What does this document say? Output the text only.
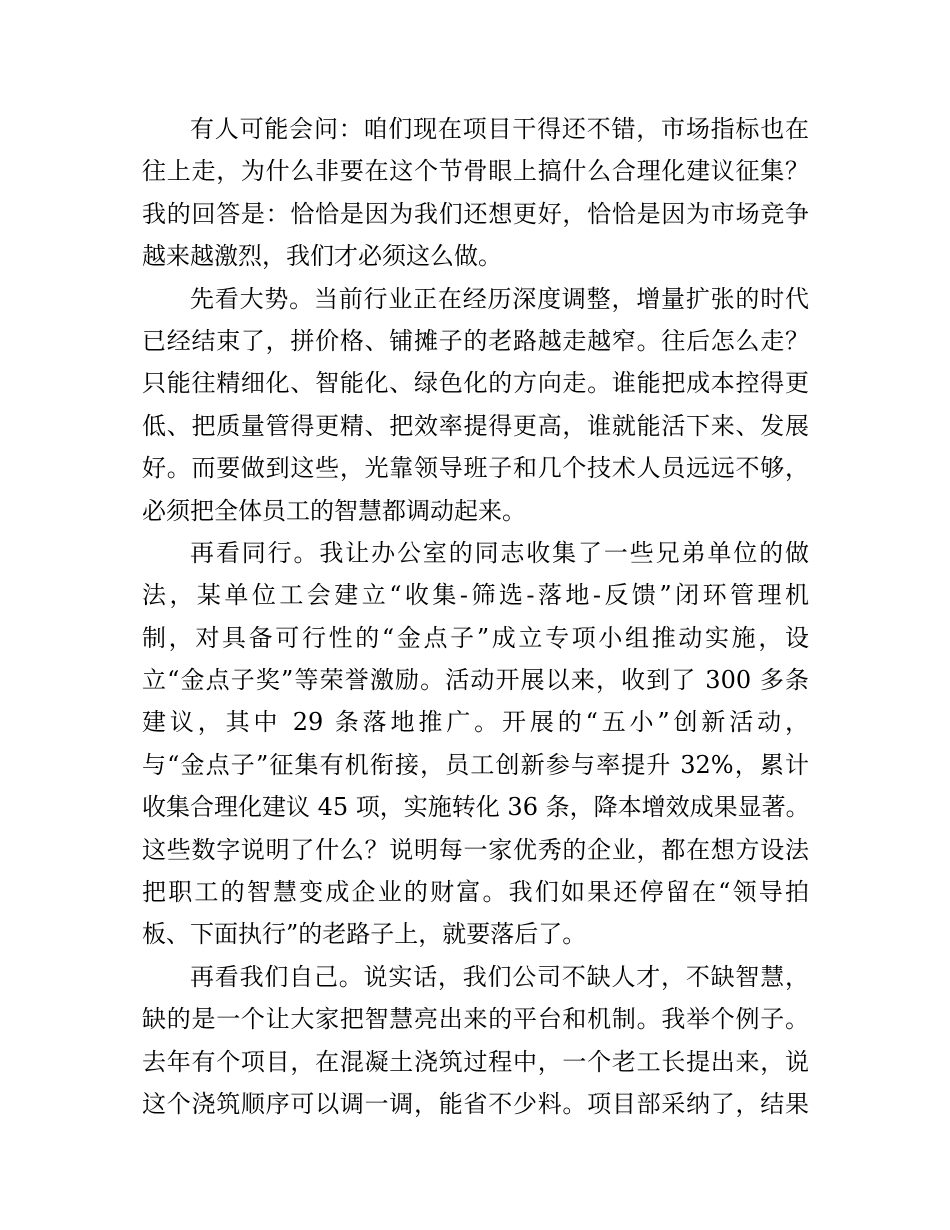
有人可能会问：咱们现在项目干得还不错，市场指标也在
往上走，为什么非要在这个节骨眼上搞什么合理化建议征集？
我的回答是：恰恰是因为我们还想更好，恰恰是因为市场竞争
越来越激烈，我们才必须这么做。
先看大势。当前行业正在经历深度调整，增量扩张的时代
已经结束了，拼价格、铺摊子的老路越走越窄。往后怎么走？
只能往精细化、智能化、绿色化的方向走。谁能把成本控得更
低、把质量管得更精、把效率提得更高，谁就能活下来、发展
好。而要做到这些，光靠领导班子和几个技术人员远远不够，
必须把全体员工的智慧都调动起来。
再看同行。我让办公室的同志收集了一些兄弟单位的做
法，某单位工会建立“收集-筛选-落地-反馈”闭环管理机
制，对具备可行性的“金点子”成立专项小组推动实施，设
立“金点子奖”等荣誉激励。活动开展以来，收到了 300 多条
建议，其中 29 条落地推广。开展的“五小”创新活动，
与“金点子”征集有机衔接，员工创新参与率提升 32%，累计
收集合理化建议 45 项，实施转化 36 条，降本增效成果显著。
这些数字说明了什么？说明每一家优秀的企业，都在想方设法
把职工的智慧变成企业的财富。我们如果还停留在“领导拍
板、下面执行”的老路子上，就要落后了。
再看我们自己。说实话，我们公司不缺人才，不缺智慧，
缺的是一个让大家把智慧亮出来的平台和机制。我举个例子。
去年有个项目，在混凝土浇筑过程中，一个老工长提出来，说
这个浇筑顺序可以调一调，能省不少料。项目部采纳了，结果
